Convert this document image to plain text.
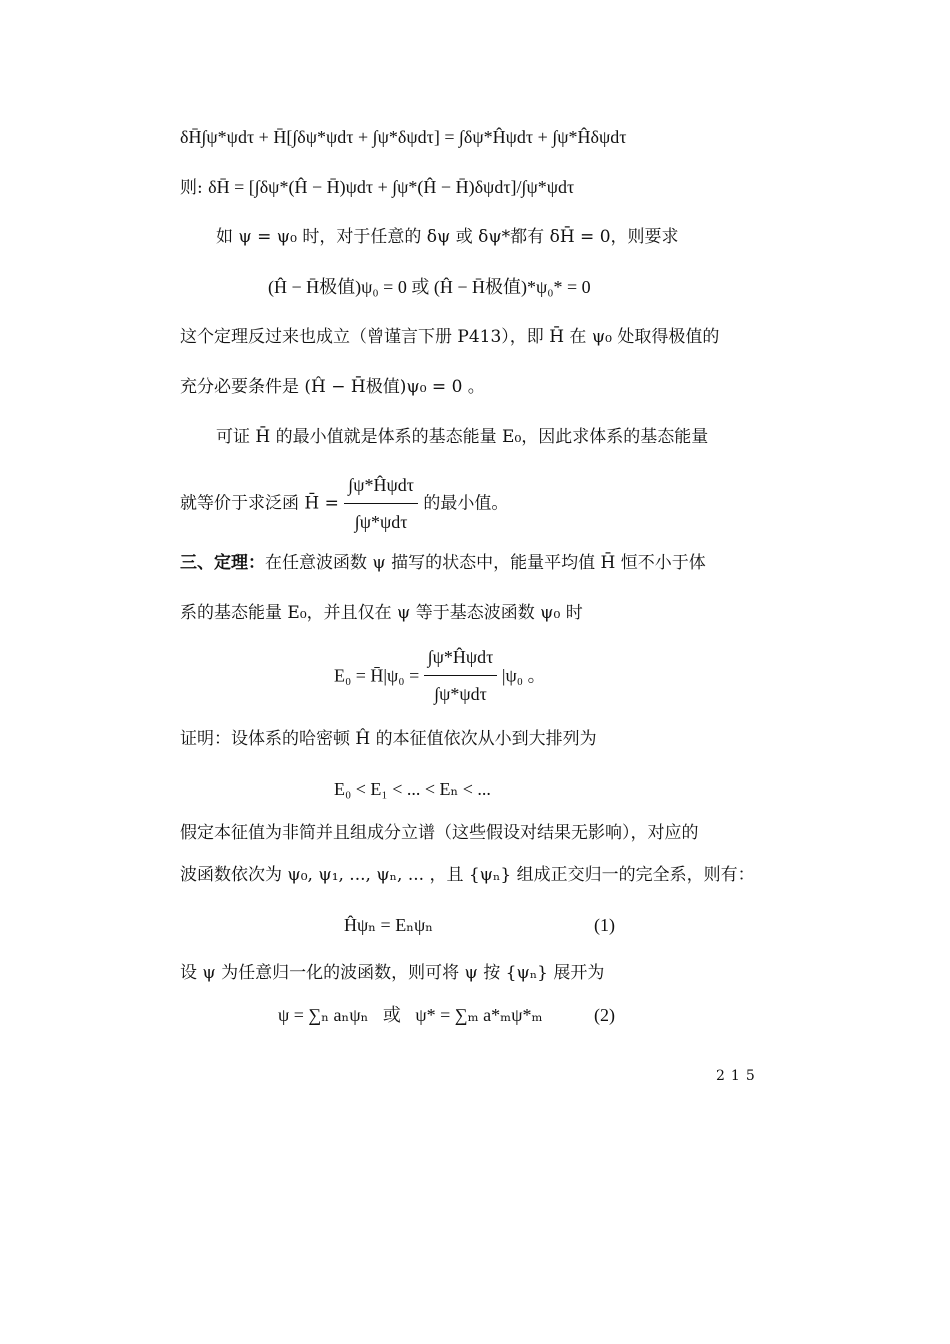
δH̄∫ψ*ψdτ + H̄[∫δψ*ψdτ + ∫ψ*δψdτ] = ∫δψ*Ĥψdτ + ∫ψ*Ĥδψdτ
则: δH̄ = [∫δψ*(Ĥ − H̄)ψdτ + ∫ψ*(Ĥ − H̄)δψdτ]/∫ψ*ψdτ
如 ψ = ψ₀ 时，对于任意的 δψ 或 δψ*都有 δH̄ = 0，则要求
(Ĥ − H̄极值)ψ₀ = 0 或 (Ĥ − H̄极值)*ψ₀* = 0
这个定理反过来也成立（曾谨言下册 P413），即 H̄ 在 ψ₀ 处取得极值的
充分必要条件是 (Ĥ − H̄极值)ψ₀ = 0 。
可证 H̄ 的最小值就是体系的基态能量 E₀，因此求体系的基态能量
就等价于求泛函 H̄ = $\frac{\text{∫ψ*Ĥψdτ}}{\text{∫ψ*ψdτ}}$ 的最小值。
三、定理：在任意波函数 ψ 描写的状态中，能量平均值 H̄ 恒不小于体
系的基态能量 E₀，并且仅在 ψ 等于基态波函数 ψ₀ 时
E₀ = H̄|ψ₀ = $\frac{\text{∫ψ*Ĥψdτ}}{\text{∫ψ*ψdτ}} |\psi_0$ 。
证明：设体系的哈密顿 Ĥ 的本征值依次从小到大排列为
E₀ < E₁ < ... < Eₙ < ...
假定本征值为非简并且组成分立谱（这些假设对结果无影响），对应的
波函数依次为 ψ₀, ψ₁, ..., ψₙ, ... ，且 {ψₙ} 组成正交归一的完全系，则有：
Ĥψₙ = Eₙψₙ	(1)
设 ψ 为任意归一化的波函数，则可将 ψ 按 {ψₙ} 展开为
ψ = ∑ₙ aₙψₙ 或 ψ* = ∑ₘ a*ₘψ*ₘ	(2)
215
